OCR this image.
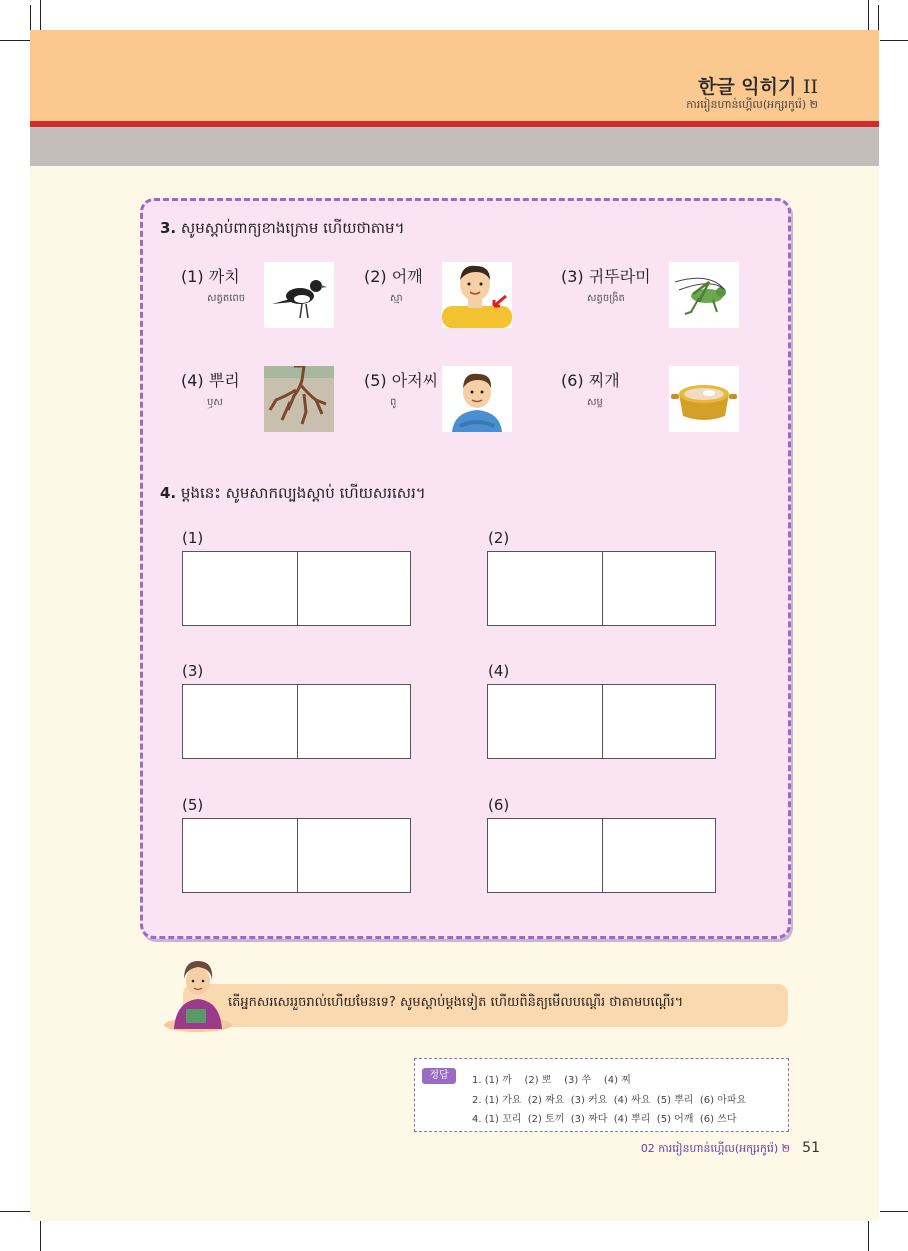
한글 익히기 II
ការរៀនហាន់ហ្គើល(អក្សរកូរ៉េ) ២
3. សូមស្ដាប់ពាក្យខាងក្រោម ហើយថាតាម។
(1) 까치
សត្វតពេច
(2) 어깨
ស្មា
(3) 귀뚜라미
សត្វចង្រិត
(4) 뿌리
ឫស
(5) 아저씨
ពូ
(6) 찌개
សម្ល
4. ម្ដងនេះ សូមសាកល្បងស្ដាប់ ហើយសរសេរ។
(1)	(2)
(3)	(4)
(5)	(6)
តើអ្នកសរសេររួចរាល់ហើយមែនទេ? សូមស្ដាប់ម្ដងទៀត ហើយពិនិត្យមើលបណ្ដើរ ថាតាមបណ្ដើរ។
정답	1. (1) 까    (2) 뽀    (3) 쑤    (4) 찌
2. (1) 가요  (2) 짜요  (3) 커요  (4) 싸요  (5) 뿌리  (6) 아파요
4. (1) 꼬리  (2) 토끼  (3) 짜다  (4) 뿌리  (5) 어깨  (6) 쓰다
02 ការរៀនហាន់ហ្គើល(អក្សរកូរ៉េ) ២ 51
